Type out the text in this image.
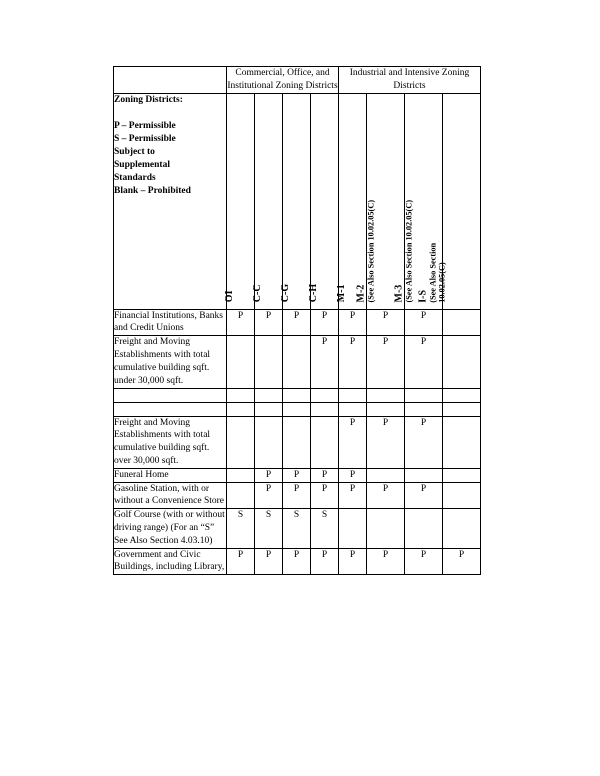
	Commercial, Office, and Institutional Zoning Districts				Industrial and Intensive Zoning Districts			

Zoning Districts:
P – Permissible
S – Permissible
Subject to
Supplemental
Standards
Blank – Prohibited

OI	C-C	C-G	C-H	M-1	M-2 (See Also Section 10.02.05(C)	M-3 (See Also Section 10.02.05(C)	I-S (See Also Section 10.02.05(C)

Financial Institutions, Banks and Credit Unions	P	P	P	P	P	P	P	
Freight and Moving Establishments with total cumulative building sqft. under 30,000 sqft.				P	P	P	P	

Freight and Moving Establishments with total cumulative building sqft. over 30,000 sqft.					P	P	P	
Funeral Home		P	P	P	P			
Gasoline Station, with or without a Convenience Store		P	P	P	P	P	P	
Golf Course (with or without driving range) (For an “S” See Also Section 4.03.10)	S	S	S	S				
Government and Civic Buildings, including Library,	P	P	P	P	P	P	P	P
